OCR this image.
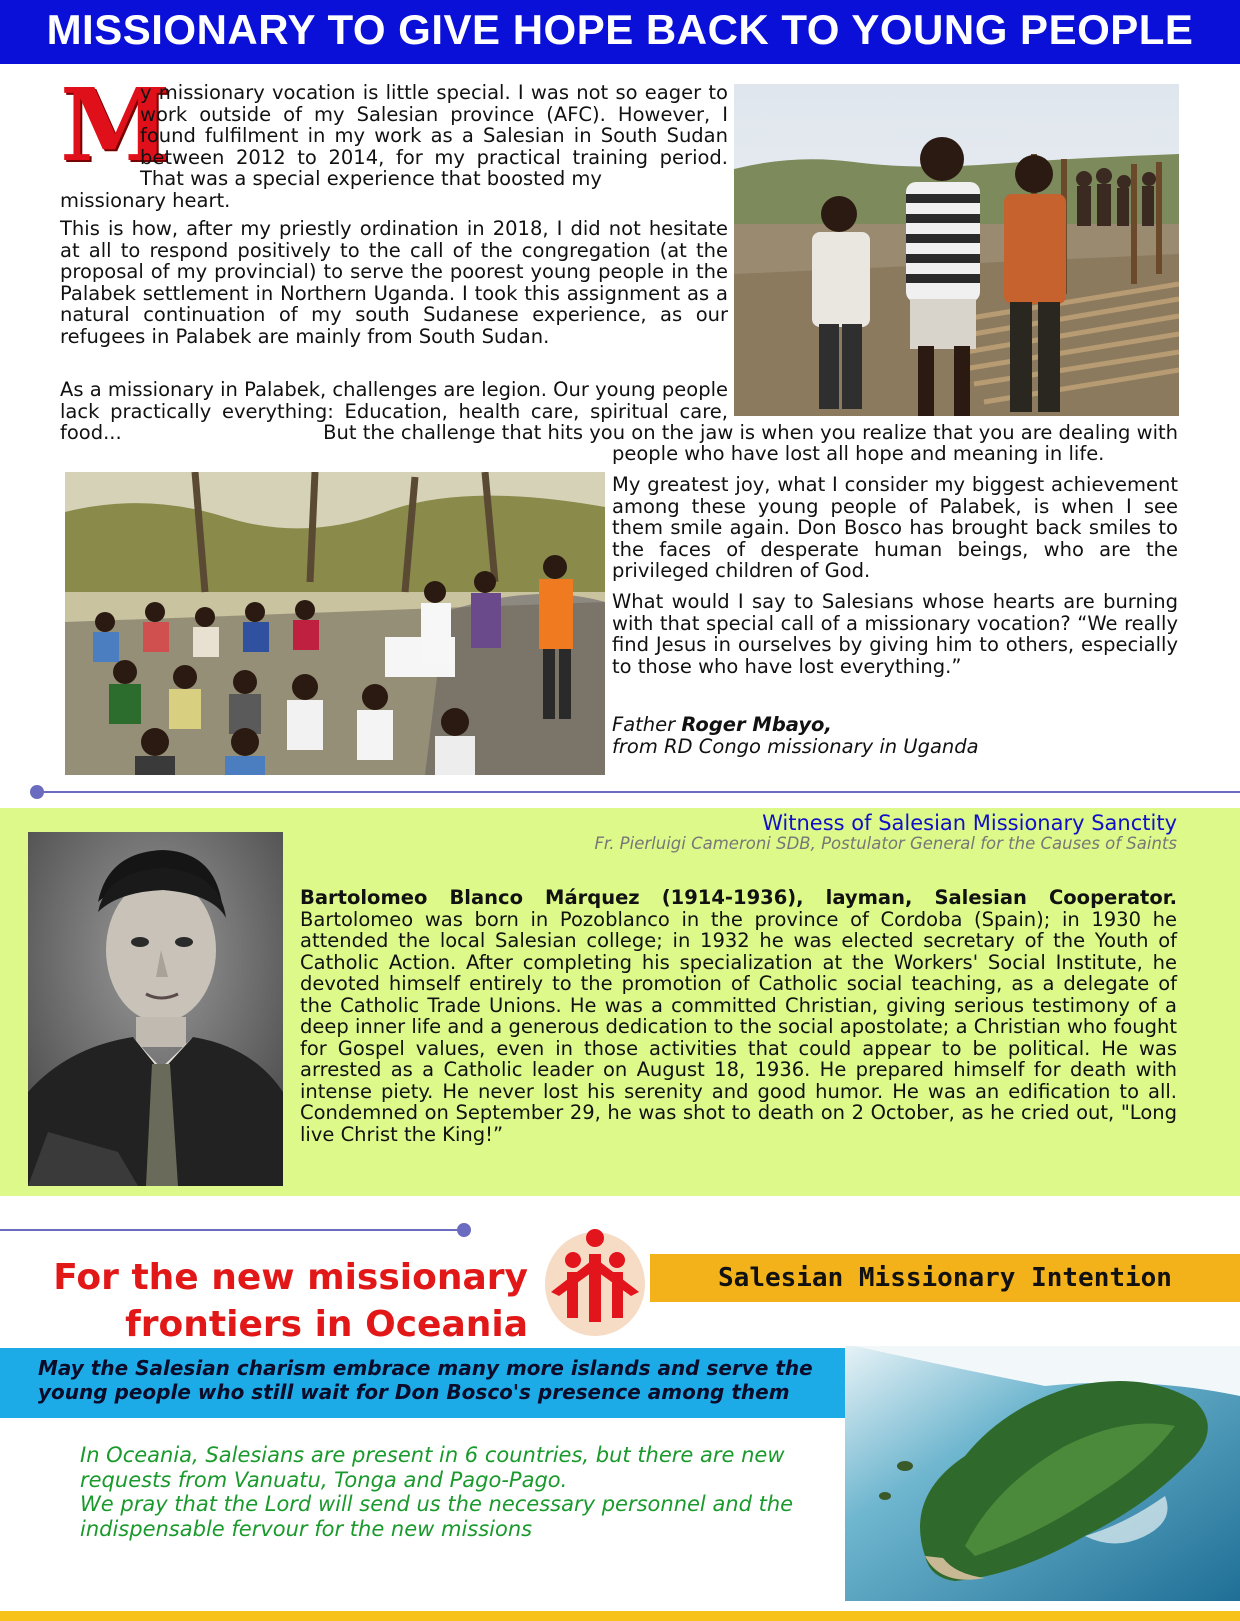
MISSIONARY TO GIVE HOPE BACK TO YOUNG PEOPLE
M

y missionary vocation is little special. I was not so eager to work outside of my Salesian province (AFC). However, I found fulfilment in my work as a Salesian in South Sudan between 2012 to 2014, for my practical training period. That was a special experience that boosted my

missionary heart.

This is how, after my priestly ordination in 2018, I did not hesitate at all to respond positively to the call of the congregation (at the proposal of my provincial) to serve the poorest young people in the Palabek settlement in Northern Uganda. I took this assignment as a natural continuation of my south Sudanese experience, as our refugees in Palabek are mainly from South Sudan.

As a missionary in Palabek, challenges are legion. Our young people lack practically everything: Education, health care, spiritual care, food...	But the challenge that hits you on the jaw is when you realize that you are dealing with

people who have lost all hope and meaning in life.

My greatest joy, what I consider my biggest achievement among these young people of Palabek, is when I see them smile again. Don Bosco has brought back smiles to the faces of desperate human beings, who are the privileged children of God.

What would I say to Salesians whose hearts are burning with that special call of a missionary vocation? “We really find Jesus in ourselves by giving him to others, especially to those who have lost everything.”

Father Roger Mbayo,
from RD Congo missionary in Uganda
Witness of Salesian Missionary Sanctity
Fr. Pierluigi Cameroni SDB, Postulator General for the Causes of Saints

Bartolomeo Blanco Márquez (1914-1936), layman, Salesian Cooperator. Bartolomeo was born in Pozoblanco in the province of Cordoba (Spain); in 1930 he attended the local Salesian college; in 1932 he was elected secretary of the Youth of Catholic Action. After completing his specialization at the Workers' Social Institute, he devoted himself entirely to the promotion of Catholic social teaching, as a delegate of the Catholic Trade Unions. He was a committed Christian, giving serious testimony of a deep inner life and a generous dedication to the social apostolate; a Christian who fought for Gospel values, even in those activities that could appear to be political. He was arrested as a Catholic leader on August 18, 1936. He prepared himself for death with intense piety. He never lost his serenity and good humor. He was an edification to all. Condemned on September 29, he was shot to death on 2 October, as he cried out, "Long live Christ the King!”

For the new missionary
frontiers in Oceania
Salesian Missionary Intention
May the Salesian charism embrace many more islands and serve the young people who still wait for Don Bosco's presence among them
In Oceania, Salesians are present in 6 countries, but there are new requests from Vanuatu, Tonga and Pago-Pago.
We pray that the Lord will send us the necessary personnel and the indispensable fervour for the new missions
